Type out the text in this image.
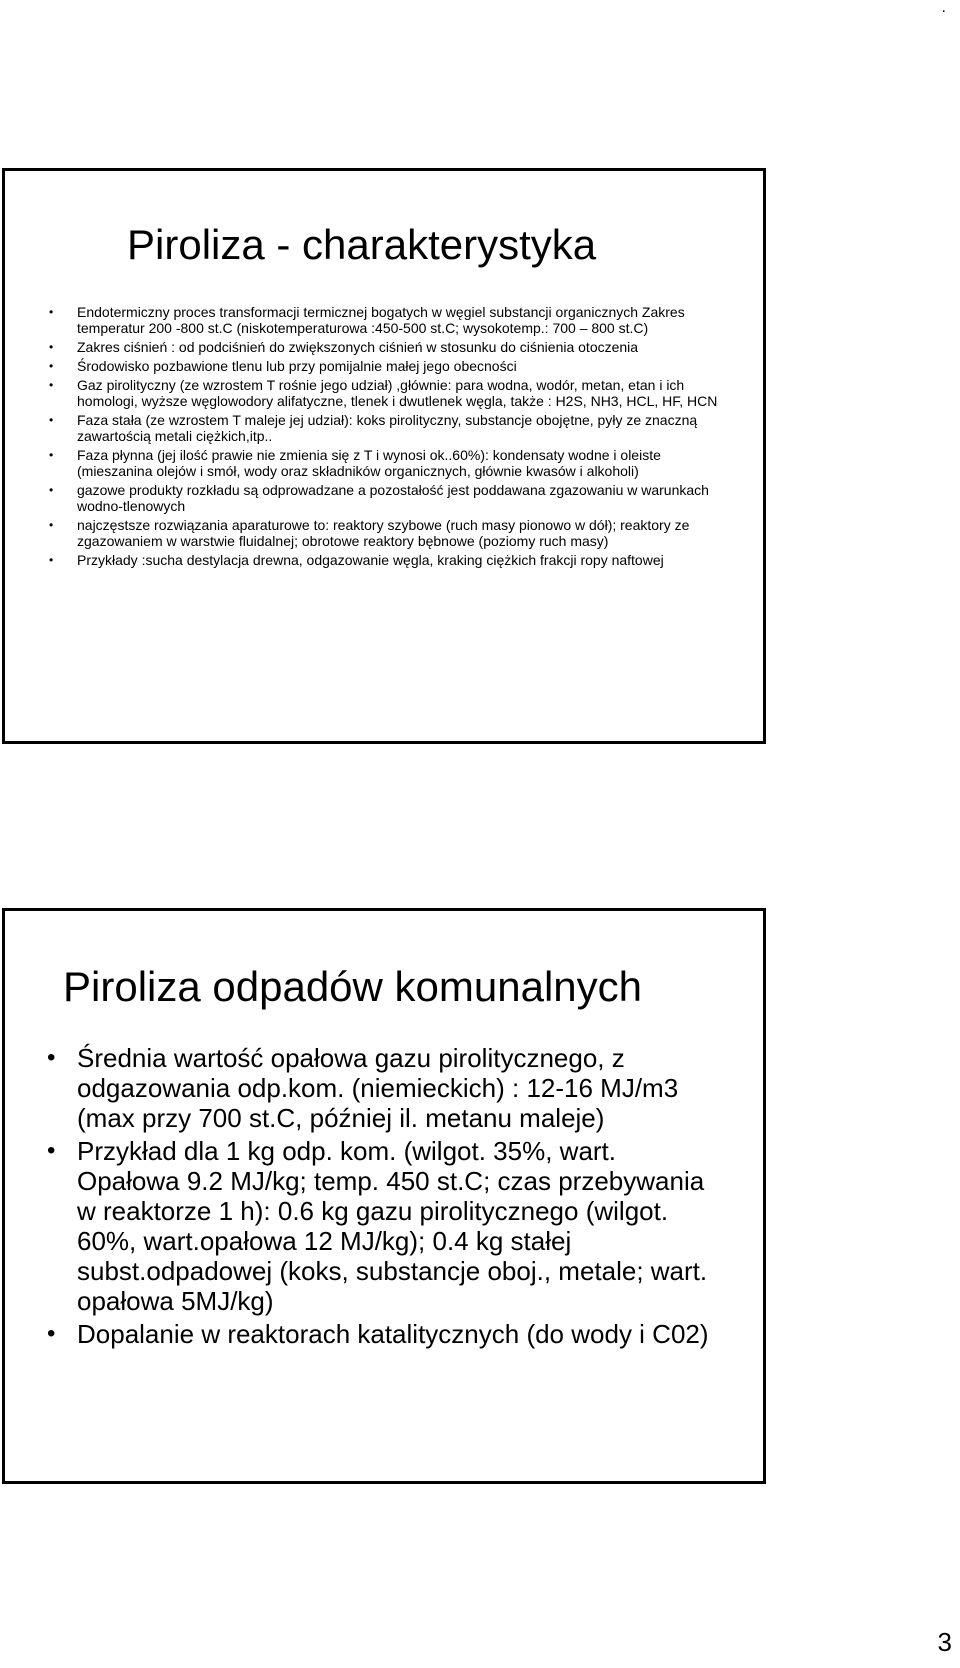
.
Piroliza - charakterystyka
• Endotermiczny proces transformacji termicznej bogatych w węgiel substancji organicznych Zakres temperatur 200 -800 st.C (niskotemperaturowa :450-500 st.C; wysokotemp.: 700 – 800 st.C)
• Zakres ciśnień : od podciśnień do zwiększonych ciśnień w stosunku do ciśnienia otoczenia
• Środowisko pozbawione tlenu lub przy pomijalnie małej jego obecności
• Gaz pirolityczny (ze wzrostem T rośnie jego udział) ,głównie: para wodna, wodór, metan, etan i ich homologi, wyższe węglowodory alifatyczne, tlenek i dwutlenek węgla, także : H2S, NH3, HCL, HF, HCN
• Faza stała (ze wzrostem T maleje jej udział): koks pirolityczny, substancje obojętne, pyły ze znaczną zawartością metali ciężkich,itp..
• Faza płynna (jej ilość prawie nie zmienia się z T i wynosi ok..60%): kondensaty wodne i oleiste (mieszanina olejów i smół, wody oraz składników organicznych, głównie kwasów i alkoholi)
• gazowe produkty rozkładu są odprowadzane a pozostałość jest poddawana zgazowaniu w warunkach wodno-tlenowych
• najczęstsze rozwiązania aparaturowe to: reaktory szybowe (ruch masy pionowo w dół); reaktory ze zgazowaniem w warstwie fluidalnej; obrotowe reaktory bębnowe (poziomy ruch masy)
• Przykłady :sucha destylacja drewna, odgazowanie węgla, kraking ciężkich frakcji ropy naftowej
Piroliza odpadów komunalnych
• Średnia wartość opałowa gazu pirolitycznego, z odgazowania odp.kom. (niemieckich) : 12-16 MJ/m3 (max przy 700 st.C, później il. metanu maleje)
• Przykład dla 1 kg odp. kom. (wilgot. 35%, wart. Opałowa 9.2 MJ/kg; temp. 450 st.C; czas przebywania w reaktorze 1 h): 0.6 kg gazu pirolitycznego (wilgot. 60%, wart.opałowa 12 MJ/kg); 0.4 kg stałej subst.odpadowej (koks, substancje oboj., metale; wart. opałowa 5MJ/kg)
• Dopalanie w reaktorach katalitycznych (do wody i C02)
3
